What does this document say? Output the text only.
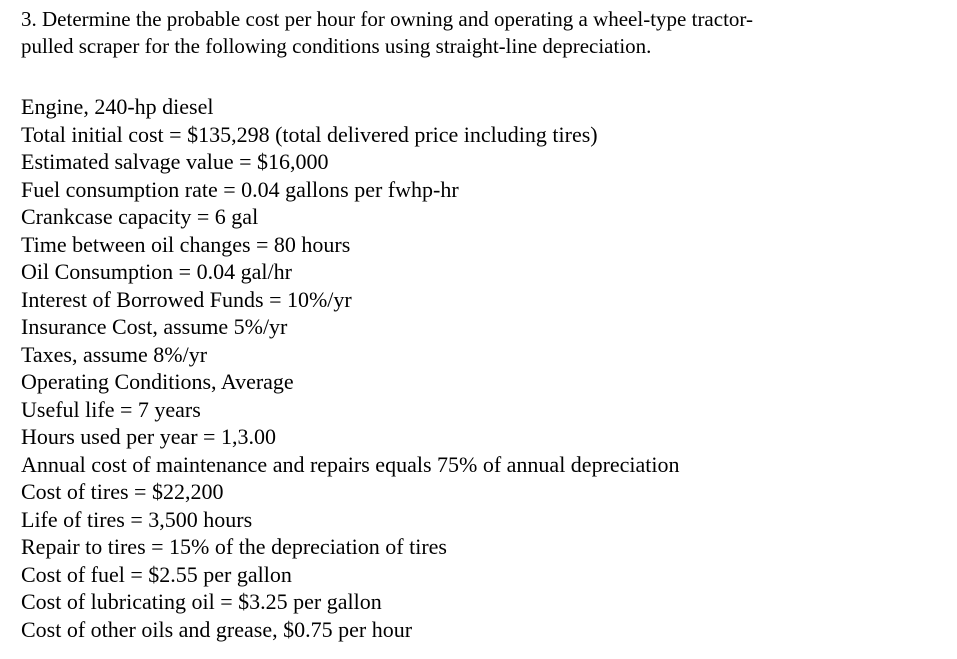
3. Determine the probable cost per hour for owning and operating a wheel-type tractor-
pulled scraper for the following conditions using straight-line depreciation.

Engine, 240-hp diesel
Total initial cost = $135,298 (total delivered price including tires)
Estimated salvage value = $16,000
Fuel consumption rate = 0.04 gallons per fwhp-hr
Crankcase capacity = 6 gal
Time between oil changes = 80 hours
Oil Consumption = 0.04 gal/hr
Interest of Borrowed Funds = 10%/yr
Insurance Cost, assume 5%/yr
Taxes, assume 8%/yr
Operating Conditions, Average
Useful life = 7 years
Hours used per year = 1,3.00
Annual cost of maintenance and repairs equals 75% of annual depreciation
Cost of tires = $22,200
Life of tires = 3,500 hours
Repair to tires = 15% of the depreciation of tires
Cost of fuel = $2.55 per gallon
Cost of lubricating oil = $3.25 per gallon
Cost of other oils and grease, $0.75 per hour
